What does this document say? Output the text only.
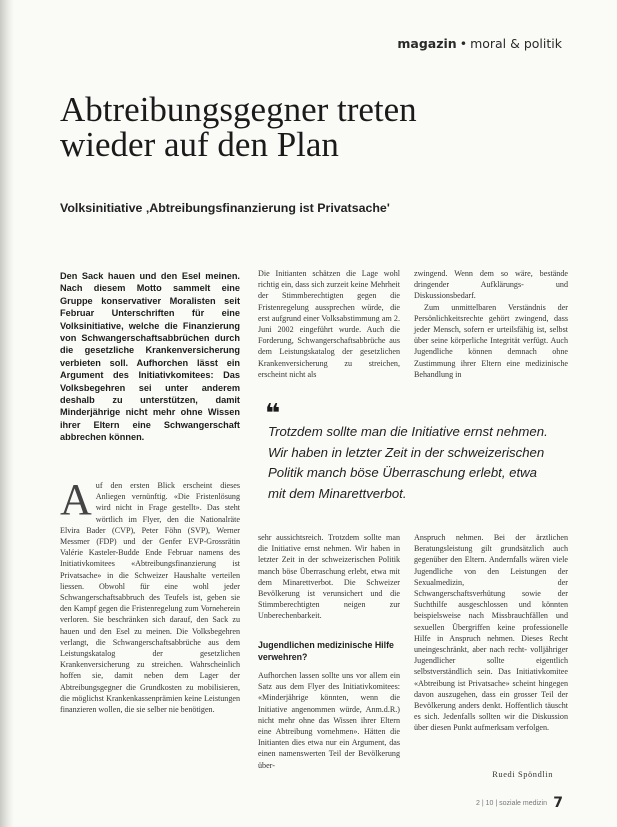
magazin • moral & politik
Abtreibungsgegner treten wieder auf den Plan
Volksinitiative ‚Abtreibungsfinanzierung ist Privatsache'

Den Sack hauen und den Esel meinen. Nach diesem Motto sammelt eine Gruppe konservativer Moralisten seit Februar Unterschriften für eine Volksinitiative, welche die Finanzierung von Schwangerschaftsabbrüchen durch die gesetzliche Krankenversicherung verbieten soll. Aufhorchen lässt ein Argument des Initiativkomitees: Das Volksbegehren sei unter anderem deshalb zu unterstützen, damit Minderjährige nicht mehr ohne Wissen ihrer Eltern eine Schwangerschaft abbrechen können.

Auf den ersten Blick erscheint dieses Anliegen vernünftig. «Die Fristenlösung wird nicht in Frage gestellt». Das steht wörtlich im Flyer, den die Nationalräte Elvira Bader (CVP), Peter Föhn (SVP), Werner Messmer (FDP) und der Genfer EVP-Grossrätin Valérie Kasteler-Budde Ende Februar namens des Initiativkomitees «Abtreibungsfinanzierung ist Privatsache» in die Schweizer Haushalte verteilen liessen. Obwohl für eine wohl jeder Schwangerschaftsabbruch des Teufels ist, geben sie den Kampf gegen die Fristenregelung zum Vorneherein verloren. Sie beschränken sich darauf, den Sack zu hauen und den Esel zu meinen. Die Volksbegehren verlangt, die Schwangerschaftsabbrüche aus dem Leistungskatalog der gesetzlichen Krankenversicherung zu streichen. Wahrscheinlich hoffen sie, damit neben dem Lager der Abtreibungsgegner die Grundkosten zu mobilisieren, die möglichst Krankenkassenprämien keine Leistungen finanzieren wollen, die sie selber nie benötigen.

Die Initianten schätzen die Lage wohl richtig ein, dass sich zurzeit keine Mehrheit der Stimmberechtigten gegen die Fristenregelung aussprechen würde, die erst aufgrund einer Volksabstimmung am 2. Juni 2002 eingeführt wurde. Auch die Forderung, Schwangerschaftsabbrüche aus dem Leistungskatalog der gesetzlichen Krankenversicherung zu streichen, erscheint nicht als

zwingend. Wenn dem so wäre, bestände dringender Aufklärungs- und Diskussionsbedarf.

Zum unmittelbaren Verständnis der Persönlichkeitsrechte gehört zwingend, dass jeder Mensch, sofern er urteilsfähig ist, selbst über seine körperliche Integrität verfügt. Auch Jugendliche können demnach ohne Zustimmung ihrer Eltern eine medizinische Behandlung in

❝
Trotzdem sollte man die Initiative ernst nehmen. Wir haben in letzter Zeit in der schweizerischen Politik manch böse Überraschung erlebt, etwa mit dem Minarettverbot.

sehr aussichtsreich. Trotzdem sollte man die Initiative ernst nehmen. Wir haben in letzter Zeit in der schweizerischen Politik manch böse Überraschung erlebt, etwa mit dem Minarettverbot. Die Schweizer Bevölkerung ist verunsichert und die Stimmberechtigten neigen zur Unberechenbarkeit.

Jugendlichen medizinische Hilfe verwehren?

Aufhorchen lassen sollte uns vor allem ein Satz aus dem Flyer des Initiativkomitees: «Minderjährige könnten, wenn die Initiative angenommen würde, Anm.d.R.) nicht mehr ohne das Wissen ihrer Eltern eine Abtreibung vornehmen». Hätten die Initianten dies etwa nur ein Argument, das einen namenswerten Teil der Bevölkerung über-

Anspruch nehmen. Bei der ärztlichen Beratungsleistung gilt grundsätzlich auch gegenüber den Eltern. Andernfalls wären viele Jugendliche von den Leistungen der Sexualmedizin, der Schwangerschaftsverhütung sowie der Suchthilfe ausgeschlossen und könnten beispielsweise nach Missbrauchfällen und sexuellen Übergriffen keine professionelle Hilfe in Anspruch nehmen. Dieses Recht uneingeschränkt, aber nach recht- volljähriger Jugendlicher sollte eigentlich selbstverständlich sein. Das Initiativkomitee «Abtreibung ist Privatsache» scheint hingegen davon auszugehen, dass ein grosser Teil der Bevölkerung anders denkt. Hoffentlich täuscht es sich. Jedenfalls sollten wir die Diskussion über diesen Punkt aufmerksam verfolgen.

Ruedi Spöndlin
2 | 10 | soziale medizin 7
